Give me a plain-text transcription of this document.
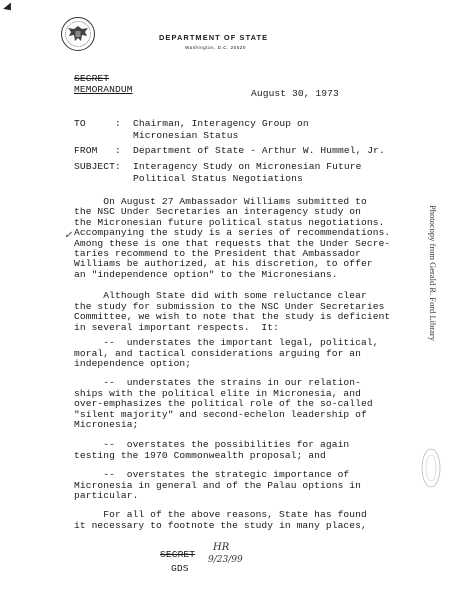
DEPARTMENT OF STATE
Washington, D.C. 20520
SECRET
MEMORANDUM	August 30, 1973
TO	: Chairman, Interagency Group on
Micronesian Status
FROM : Department of State - Arthur W. Hummel, Jr.
SUBJECT: Interagency Study on Micronesian Future
Political Status Negotiations
On August 27 Ambassador Williams submitted to
the NSC Under Secretaries an interagency study on
the Micronesian future political status negotiations.
Accompanying the study is a series of recommendations.
Among these is one that requests that the Under Secre-
taries recommend to the President that Ambassador
Williams be authorized, at his discretion, to offer
an "independence option" to the Micronesians.
Although State did with some reluctance clear
the study for submission to the NSC Under Secretaries
Committee, we wish to note that the study is deficient
in several important respects.  It:
--  understates the important legal, political,
moral, and tactical considerations arguing for an
independence option;
--  understates the strains in our relation-
ships with the political elite in Micronesia, and
over-emphasizes the political role of the so-called
"silent majority" and second-echelon leadership of
Micronesia;
--  overstates the possibilities for again
testing the 1970 Commonwealth proposal; and
--  overstates the strategic importance of
Micronesia in general and of the Palau options in
particular.
For all of the above reasons, State has found
it necessary to footnote the study in many places,
SECRET
GDS
HR
9/23/99
✓	Photocopy from Gerald R. Ford Library
